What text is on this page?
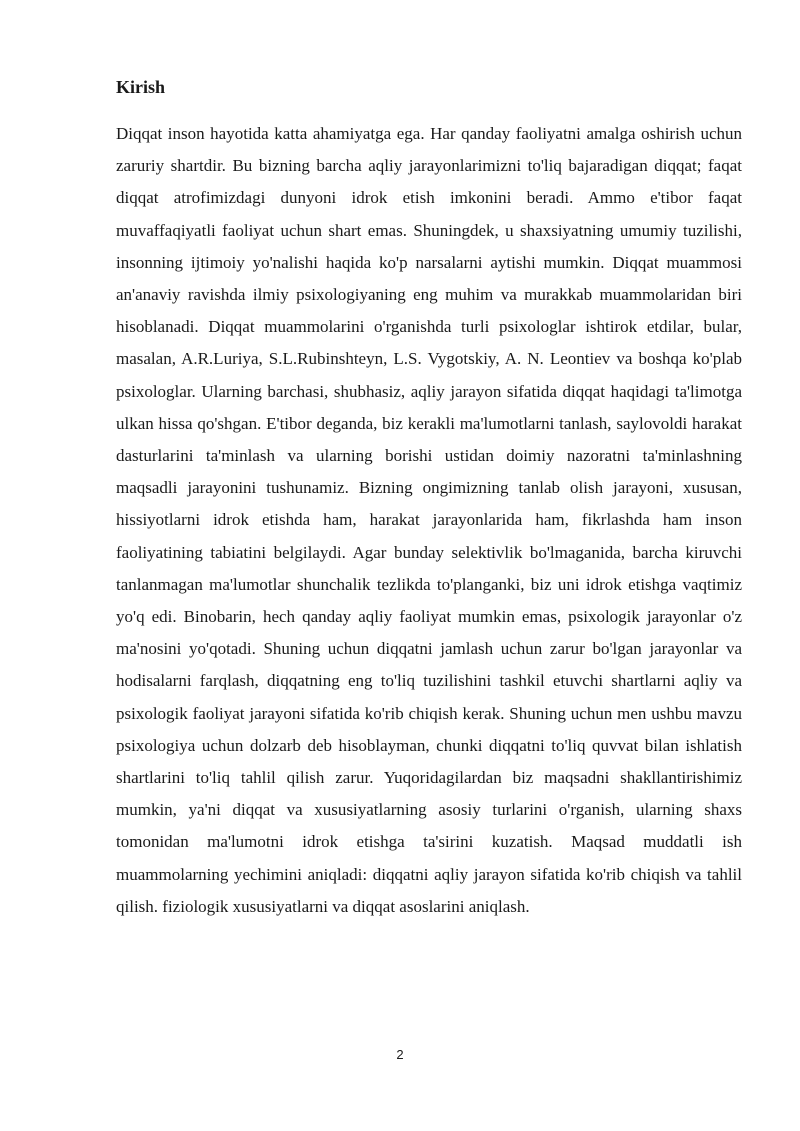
Kirish

Diqqat inson hayotida katta ahamiyatga ega. Har qanday faoliyatni amalga oshirish uchun zaruriy shartdir. Bu bizning barcha aqliy jarayonlarimizni to'liq bajaradigan diqqat; faqat diqqat atrofimizdagi dunyoni idrok etish imkonini beradi. Ammo e'tibor faqat muvaffaqiyatli faoliyat uchun shart emas. Shuningdek, u shaxsiyatning umumiy tuzilishi, insonning ijtimoiy yo'nalishi haqida ko'p narsalarni aytishi mumkin. Diqqat muammosi an'anaviy ravishda ilmiy psixologiyaning eng muhim va murakkab muammolaridan biri hisoblanadi. Diqqat muammolarini o'rganishda turli psixologlar ishtirok etdilar, bular, masalan, A.R.Luriya, S.L.Rubinshteyn, L.S. Vygotskiy, A. N. Leontiev va boshqa ko'plab psixologlar. Ularning barchasi, shubhasiz, aqliy jarayon sifatida diqqat haqidagi ta'limotga ulkan hissa qo'shgan. E'tibor deganda, biz kerakli ma'lumotlarni tanlash, saylovoldi harakat dasturlarini ta'minlash va ularning borishi ustidan doimiy nazoratni ta'minlashning maqsadli jarayonini tushunamiz. Bizning ongimizning tanlab olish jarayoni, xususan, hissiyotlarni idrok etishda ham, harakat jarayonlarida ham, fikrlashda ham inson faoliyatining tabiatini belgilaydi. Agar bunday selektivlik bo'lmaganida, barcha kiruvchi tanlanmagan ma'lumotlar shunchalik tezlikda to'planganki, biz uni idrok etishga vaqtimiz yo'q edi. Binobarin, hech qanday aqliy faoliyat mumkin emas, psixologik jarayonlar o'z ma'nosini yo'qotadi. Shuning uchun diqqatni jamlash uchun zarur bo'lgan jarayonlar va hodisalarni farqlash, diqqatning eng to'liq tuzilishini tashkil etuvchi shartlarni aqliy va psixologik faoliyat jarayoni sifatida ko'rib chiqish kerak. Shuning uchun men ushbu mavzu psixologiya uchun dolzarb deb hisoblayman, chunki diqqatni to'liq quvvat bilan ishlatish shartlarini to'liq tahlil qilish zarur. Yuqoridagilardan biz maqsadni shakllantirishimiz mumkin, ya'ni diqqat va xususiyatlarning asosiy turlarini o'rganish, ularning shaxs tomonidan ma'lumotni idrok etishga ta'sirini kuzatish. Maqsad muddatli ish muammolarning yechimini aniqladi: diqqatni aqliy jarayon sifatida ko'rib chiqish va tahlil qilish. fiziologik xususiyatlarni va diqqat asoslarini aniqlash.

2
